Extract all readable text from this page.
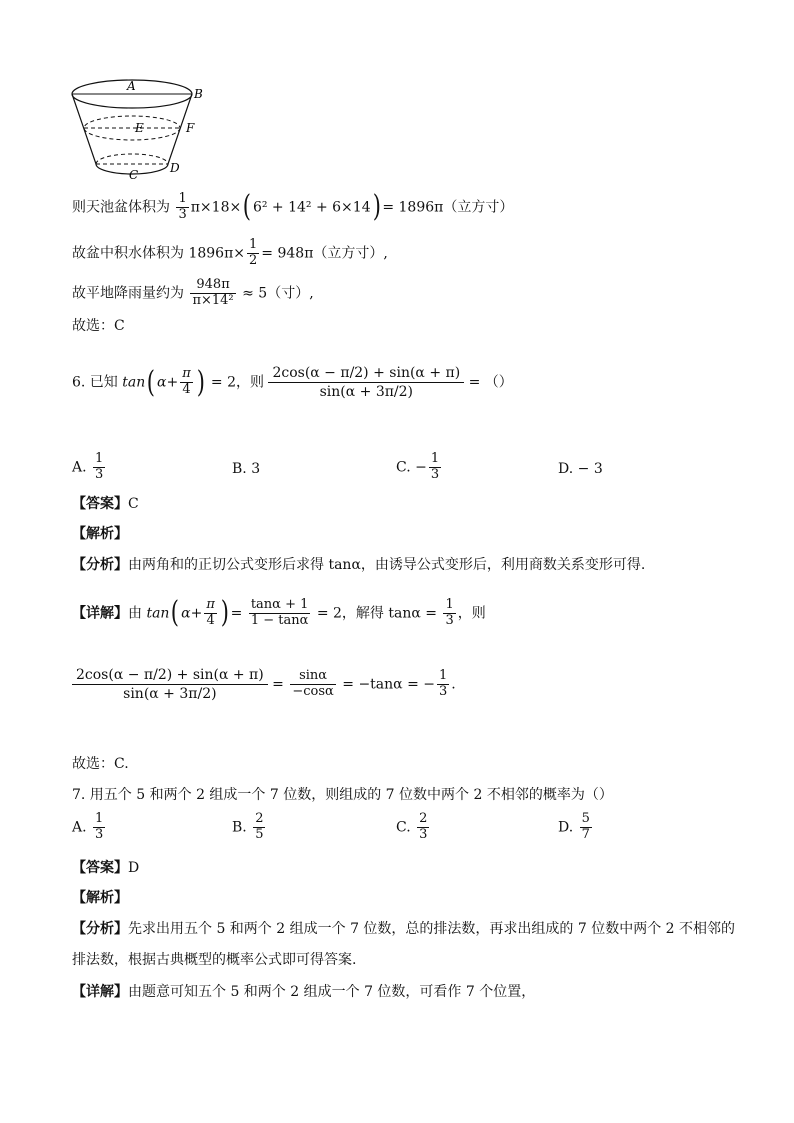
A
B
E	F
D
C
则天池盆体积为 $\frac{1}{3} \pi\times 18\times$( 6² + 14² + 6×14) = 1896π（立方寸）
故盆中积水体积为 $1896\pi\times \frac{1}{2} = 948\pi$（立方寸）,
故平地降雨量约为 $\frac{948\pi}{\text{π×14²}} \approx 5$（寸）,
故选：C
6. 已知 tan( $\alpha+ \frac{\pi}{4}$ ) = 2，则 $\frac{2\cos(\alpha - \pi/2) + \sin(\alpha + \pi)}{\sin(\alpha + 3\pi/2)}$ = （）
A. $\frac{1}{3}$	B. 3	C. − $\frac{1}{3}$	D. − 3
【答案】C
【解析】
【分析】由两角和的正切公式变形后求得 tanα，由诱导公式变形后，利用商数关系变形可得.
【详解】由 tan( $\alpha+ \frac{\pi}{4}$ ) = $\frac{\tan\alpha + 1}{1 - \tan\alpha} = 2$，解得 $\tan\alpha = \frac{1}{3}$ ，则
$\frac{2\cos(\alpha - \pi/2) + \sin(\alpha + \pi)}{\sin(\alpha + 3\pi/2)} = \frac{\sin\alpha}{-\cos\alpha} = -\tan\alpha$ = − $\frac{1}{3}$ .
故选：C.
7. 用五个 5 和两个 2 组成一个 7 位数，则组成的 7 位数中两个 2 不相邻的概率为（）
A. $\frac{1}{3}$	B. $\frac{2}{5}$	C. $\frac{2}{3}$	D. $\frac{5}{7}$
【答案】D
【解析】
【分析】先求出用五个 5 和两个 2 组成一个 7 位数，总的排法数，再求出组成的 7 位数中两个 2 不相邻的
排法数，根据古典概型的概率公式即可得答案.
【详解】由题意可知五个 5 和两个 2 组成一个 7 位数，可看作 7 个位置，
